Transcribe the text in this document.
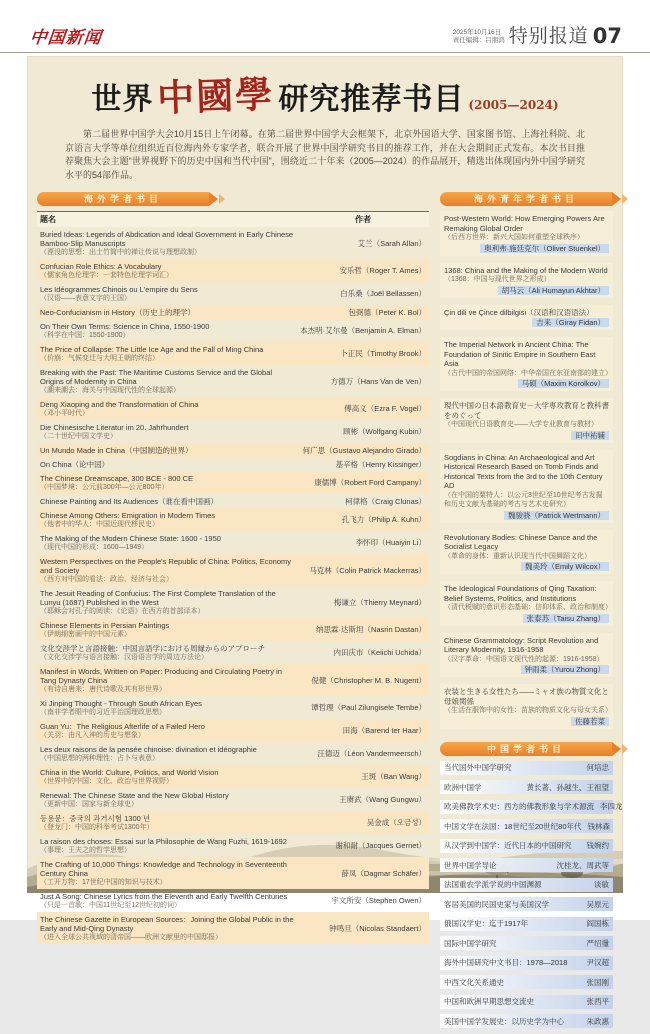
中国新闻	2025年10月16日
责任编辑：吕朋鸿 特别报道 07
世界 中國學 研究推荐书目 (2005—2024)

第二届世界中国学大会10月15日上午闭幕。在第二届世界中国学大会框架下，北京外国语大学、国家图书馆、上海社科院、北京语言大学等单位组织近百位海内外专家学者，联合开展了世界中国学研究书目的推荐工作，并在大会期间正式发布。本次书目推荐聚焦大会主题“世界视野下的历史中国和当代中国”，围绕近二十年来（2005—2024）的作品展开，精选出体现国内外中国学研究水平的54部作品。

海外学者书目
题名	作者
Buried Ideas: Legends of Abdication and Ideal Government in Early Chinese Bamboo-Slip Manuscripts
（湮没的思想：出土竹简中的禅让传说与理想政制）
艾兰（Sarah Allan）
Confucian Role Ethics: A Vocabulary
（儒家角色伦理学：一套特色伦理学词汇）	安乐哲（Roger T. Ames）
Les Idéogrammes Chinois ou L'empire du Sens
（汉语——表意文字的王国）	白乐桑（Joël Bellassen）
Neo-Confucianism in History（历史上的理学）	包弼德（Peter K. Bol）
On Their Own Terms: Science in China, 1550-1900
（科学在中国：1550-1900）	本杰明·艾尔曼（Benjamin A. Elman）
The Price of Collapse: The Little Ice Age and the Fall of Ming China
（价崩：气候变迁与大明王朝的终结）	卜正民（Timothy Brook）
Breaking with the Past: The Maritime Customs Service and the Global Origins of Modernity in China
（潮来潮去：海关与中国现代性的全球起源）
方德万（Hans Van de Ven）
Deng Xiaoping and the Transformation of China
（邓小平时代）	傅高义（Ezra F. Vogel）
Die Chinesische Literatur im 20. Jahrhundert
（二十世纪中国文学史）	顾彬（Wolfgang Kubin）
Un Mundo Made in China（中国制造的世界）	何广思（Gustavo Alejandro Girado）
On China（论中国）	基辛格（Henry Kissinger）
The Chinese Dreamscape, 300 BCE - 800 CE
（中国梦境：公元前300年—公元800年）	康儒博（Robert Ford Campany）
Chinese Painting and Its Audiences（谁在看中国画）	柯律格（Craig Clunas）
Chinese Among Others: Emigration in Modern Times
（他者中的华人：中国近现代移民史）	孔飞力（Philip A. Kuhn）
The Making of the Modern Chinese State: 1600 - 1950
（现代中国的形成：1600—1949）	李怀印（Huaiyin Li）
Western Perspectives on the People's Republic of China: Politics, Economy and Society
（西方对中国的看法：政治、经济与社会）
马克林（Colin Patrick Mackerras）
The Jesuit Reading of Confucius: The First Complete Translation of the Lunyu (1687) Published in the West
（耶稣会对孔子的阅读：《论语》在西方的首部译本）
梅谦立（Thierry Meynard）
Chinese Elements in Persian Paintings
（伊朗细密画中的中国元素）	纳思霖·达斯坦（Nasrin Dastan）
文化交渉学と言語接触：中国言語学における周縁からのアプローチ
（文化交涉学与语言接触：汉语语言学的周边方法论）	内田庆市（Keiichi Uchida）
Manifest in Words, Written on Paper: Producing and Circulating Poetry in Tang Dynasty China
（有诗自唐来：唐代诗歌及其有形世界）
倪健（Christopher M. B. Nugent）
Xi Jinping Thought - Through South African Eyes
（南非学者眼中的习近平治国理政思想）	谭哲理（Paul Zilungisele Tembe）
Guan Yu：The Religious Afterlife of a Failed Hero
（关羽：由凡入神的历史与想象）	田海（Barend ter Haar）
Les deux raisons de la pensée chinoise: divination et idéographie
（中国思想的两种理性：占卜与表意）	汪德迈（Léon Vandermeersch）
China in the World: Culture, Politics, and World Vision
（世界中的中国：文化、政治与世界视野）	王斑（Ban Wang）
Renewal: The Chinese State and the New Global History
（更新中国：国家与新全球史）	王赓武（Wang Gungwu）
등용문：중국의 과거시험 1300 년
（登龙门：中国的科举考试1300年）	吴金成（오금성）
La raison des choses: Essai sur la Philosophie de Wang Fuzhi, 1619-1692
（事理：王夫之的哲学思想）	谢和耐（Jacques Gernet）
The Crafting of 10,000 Things: Knowledge and Technology in Seventeenth Century China
（工开万物：17世纪中国的知识与技术）
薛凤（Dagmar Schäfer）
Just A Song: Chinese Lyrics from the Eleventh and Early Twelfth Centuries
（只是一首歌：中国11世纪至12世纪初的词）	宇文所安（Stephen Owen）
The Chinese Gazette in European Sources：Joining the Global Public in the Early and Mid-Qing Dynasty
（进入全球公共视域的清帝国——欧洲文献里的中国邸报）
钟鸣旦（Nicolas Standaert）
海外青年学者书目
Post-Western World: How Emerging Powers Are Remaking Global Order
（后西方世界：新兴大国如何重塑全球秩序）
奥利弗·施廷克尔（Oliver Stuenkel）
1368: China and the Making of the Modern World
（1368：中国与现代世界之形成）
胡马云（Ali Humayun Akhtar）
Çin dili ve Çince dilbilgisi（汉语和汉语语法）
吉来（Giray Fidan）
The Imperial Network in Ancient China: The Foundation of Sinitic Empire in Southern East Asia
（古代中国的帝国网络：中华帝国在东亚南部的建立）
马硕（Maxim Korolkov）
現代中国の日本語教育史－大学専攻教育と教科書をめぐって
（中国现代日语教育史——大学专业教育与教材）
田中祐辅
Sogdians in China: An Archaeological and Art Historical Research Based on Tomb Finds and Historical Texts from the 3rd to the 10th Century AD
（在中国的粟特人：以公元3世纪至10世纪考古发掘和历史文献为基础的考古与艺术史研究）
魏骏骁（Patrick Wertmann）
Revolutionary Bodies: Chinese Dance and the Socialist Legacy
（革命的身体：重新认识现当代中国舞蹈文化）
魏美玲（Emily Wilcox）
The Ideological Foundations of Qing Taxation: Belief Systems, Politics, and Institutions
（清代税赋的意识形态基础：信仰体系、政治和制度）
张泰苏（Taisu Zhang）
Chinese Grammatology: Script Revolution and Literary Modernity, 1916-1958
（汉字革命：中国语文现代性的起源：1916-1958）
钟雨柔（Yurou Zhong）
衣装と生きる女性たち——ミャオ族の物質文化と母娘関係
（生活在服饰中的女性：苗族的物质文化与母女关系）
佐藤若菜
中国学者书目
当代国外中国学研究	何培忠
欧洲中国学	黄长著、孙越生、王祖望
欧美佛教学术史：西方的佛教形象与学术源流 李四龙
中国文学在法国：18世纪至20世纪80年代 钱林森
从汉学到中国学：近代日本的中国研究 钱婉约
世界中国学导论	沈桂龙、周武等
法国重农学派学说的中国渊源	谈敏
客居美国的民国史家与美国汉学	吴原元
俄国汉学史：迄于1917年	阎国栋
国际中国学研究	严绍璗
海外中国研究中文书目：1978—2018	尹汉超
中西文化关系通史	张国刚
中国和欧洲早期思想交流史	张西平
美国中国学发展史：以历史学为中心	朱政惠
